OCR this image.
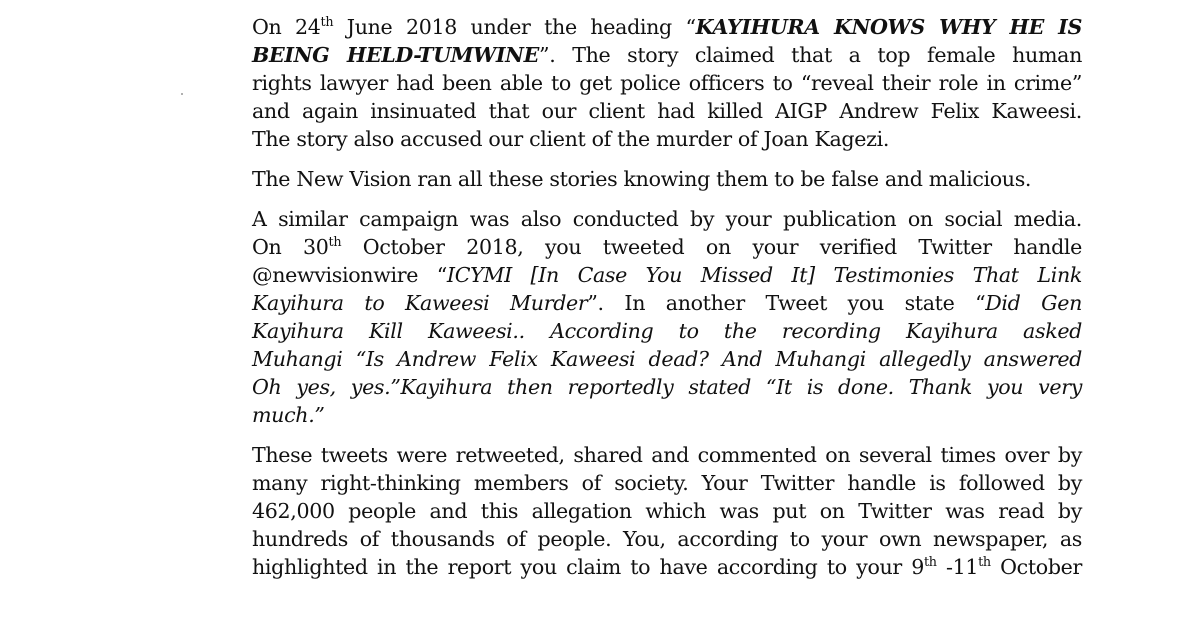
On 24th June 2018 under the heading “KAYIHURA KNOWS WHY HE IS
BEING HELD-TUMWINE”. The story claimed that a top female human
rights lawyer had been able to get police officers to “reveal their role in crime”
and again insinuated that our client had killed AIGP Andrew Felix Kaweesi.
The story also accused our client of the murder of Joan Kagezi.

The New Vision ran all these stories knowing them to be false and malicious.

A similar campaign was also conducted by your publication on social media.
On 30th October 2018, you tweeted on your verified Twitter handle
@newvisionwire “ICYMI [In Case You Missed It] Testimonies That Link
Kayihura to Kaweesi Murder”. In another Tweet you state “Did Gen
Kayihura Kill Kaweesi.. According to the recording Kayihura asked
Muhangi “Is Andrew Felix Kaweesi dead? And Muhangi allegedly answered
Oh yes, yes.”Kayihura then reportedly stated “It is done. Thank you very
much.”

These tweets were retweeted, shared and commented on several times over by
many right-thinking members of society. Your Twitter handle is followed by
462,000 people and this allegation which was put on Twitter was read by
hundreds of thousands of people. You, according to your own newspaper, as
highlighted in the report you claim to have according to your 9th -11th October
